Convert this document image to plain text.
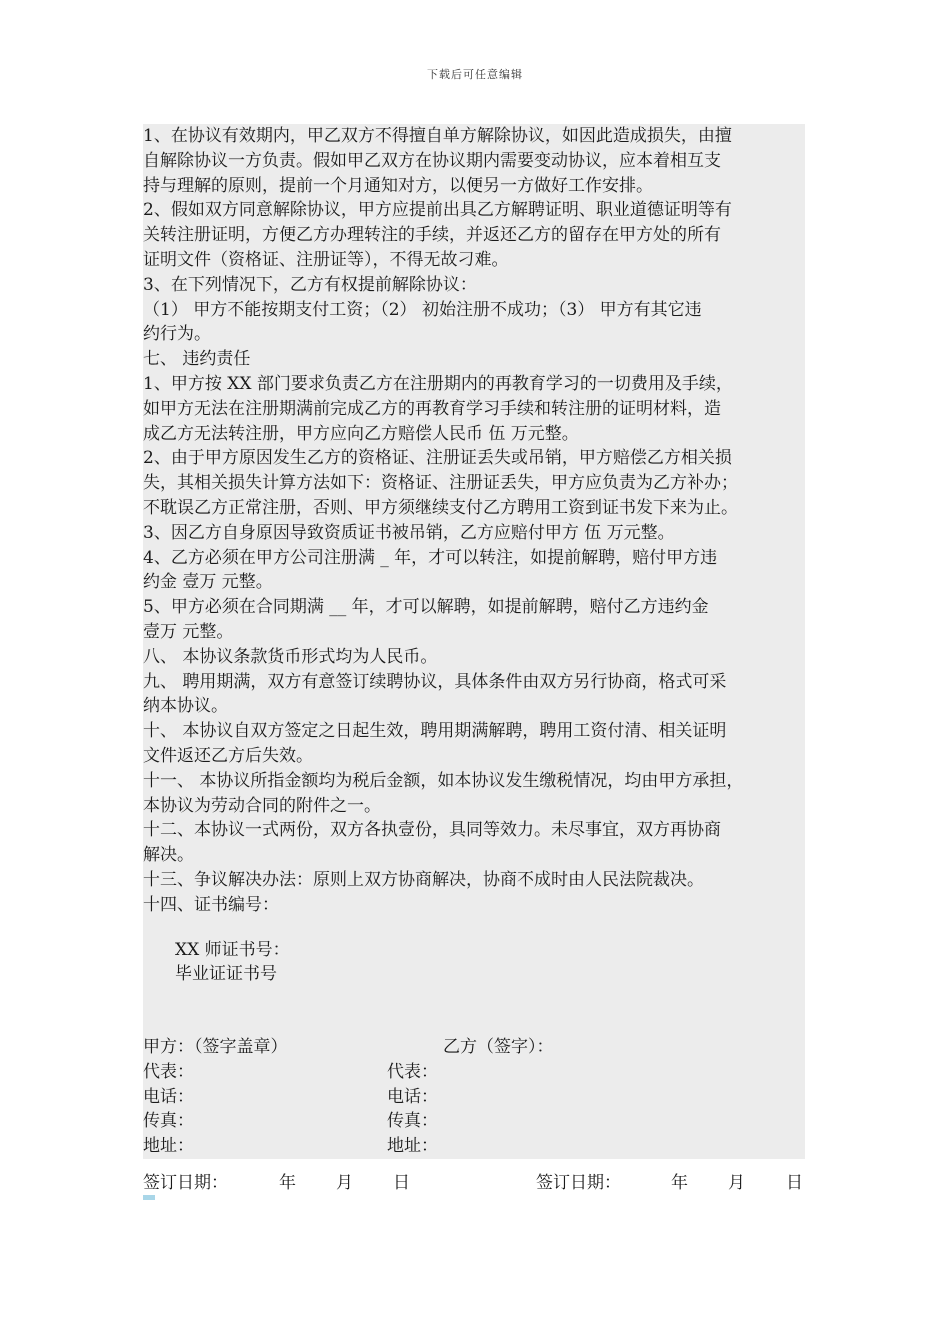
下载后可任意编辑
1、在协议有效期内，甲乙双方不得擅自单方解除协议，如因此造成损失，由擅
自解除协议一方负责。假如甲乙双方在协议期内需要变动协议，应本着相互支
持与理解的原则，提前一个月通知对方，以便另一方做好工作安排。
2、假如双方同意解除协议，甲方应提前出具乙方解聘证明、职业道德证明等有
关转注册证明，方便乙方办理转注的手续，并返还乙方的留存在甲方处的所有
证明文件（资格证、注册证等），不得无故刁难。
3、在下列情况下，乙方有权提前解除协议：
（1） 甲方不能按期支付工资；（2） 初始注册不成功；（3） 甲方有其它违
约行为。
七、 违约责任
1、甲方按 XX 部门要求负责乙方在注册期内的再教育学习的一切费用及手续，
如甲方无法在注册期满前完成乙方的再教育学习手续和转注册的证明材料，造
成乙方无法转注册，甲方应向乙方赔偿人民币 伍 万元整。
2、由于甲方原因发生乙方的资格证、注册证丢失或吊销，甲方赔偿乙方相关损
失，其相关损失计算方法如下：资格证、注册证丢失，甲方应负责为乙方补办；
不耽误乙方正常注册，否则、甲方须继续支付乙方聘用工资到证书发下来为止。
3、因乙方自身原因导致资质证书被吊销，乙方应赔付甲方 伍 万元整。
4、乙方必须在甲方公司注册满 _ 年，才可以转注，如提前解聘，赔付甲方违
约金 壹万 元整。
5、甲方必须在合同期满 __ 年，才可以解聘，如提前解聘，赔付乙方违约金
壹万 元整。
八、 本协议条款货币形式均为人民币。
九、 聘用期满，双方有意签订续聘协议，具体条件由双方另行协商，格式可采
纳本协议。
十、 本协议自双方签定之日起生效，聘用期满解聘，聘用工资付清、相关证明
文件返还乙方后失效。
十一、 本协议所指金额均为税后金额，如本协议发生缴税情况，均由甲方承担，
本协议为劳动合同的附件之一。
十二、本协议一式两份，双方各执壹份，具同等效力。未尽事宜，双方再协商
解决。
十三、争议解决办法：原则上双方协商解决，协商不成时由人民法院裁决。
十四、证书编号：
XX 师证书号：
毕业证证书号
甲方：（签字盖章）	乙方（签字）：
代表：	代表：
电话：	电话：
传真：	传真：
地址：	地址：
签订日期：	年 月 日	签订日期：	年 月 日
